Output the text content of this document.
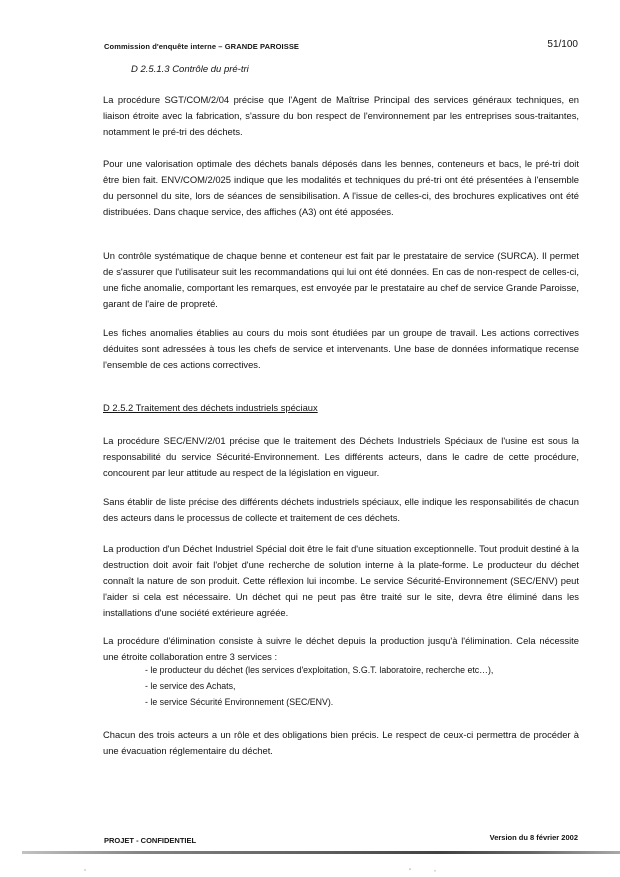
Commission d'enquête interne – GRANDE PAROISSE	51/100
D 2.5.1.3 Contrôle du pré-tri

La procédure SGT/COM/2/04 précise que l'Agent de Maîtrise Principal des services généraux techniques, en liaison étroite avec la fabrication, s'assure du bon respect de l'environnement par les entreprises sous-traitantes, notamment le pré-tri des déchets.

Pour une valorisation optimale des déchets banals déposés dans les bennes, conteneurs et bacs, le pré-tri doit être bien fait. ENV/COM/2/025 indique que les modalités et techniques du pré-tri ont été présentées à l'ensemble du personnel du site, lors de séances de sensibilisation. A l'issue de celles-ci, des brochures explicatives ont été distribuées. Dans chaque service, des affiches (A3) ont été apposées.

Un contrôle systématique de chaque benne et conteneur est fait par le prestataire de service (SURCA). Il permet de s'assurer que l'utilisateur suit les recommandations qui lui ont été données. En cas de non-respect de celles-ci, une fiche anomalie, comportant les remarques, est envoyée par le prestataire au chef de service Grande Paroisse, garant de l'aire de propreté.

Les fiches anomalies établies au cours du mois sont étudiées par un groupe de travail. Les actions correctives déduites sont adressées à tous les chefs de service et intervenants. Une base de données informatique recense l'ensemble de ces actions correctives.

D 2.5.2 Traitement des déchets industriels spéciaux

La procédure SEC/ENV/2/01 précise que le traitement des Déchets Industriels Spéciaux de l'usine est sous la responsabilité du service Sécurité-Environnement. Les différents acteurs, dans le cadre de cette procédure, concourent par leur attitude au respect de la législation en vigueur.

Sans établir de liste précise des différents déchets industriels spéciaux, elle indique les responsabilités de chacun des acteurs dans le processus de collecte et traitement de ces déchets.

La production d'un Déchet Industriel Spécial doit être le fait d'une situation exceptionnelle. Tout produit destiné à la destruction doit avoir fait l'objet d'une recherche de solution interne à la plate-forme. Le producteur du déchet connaît la nature de son produit. Cette réflexion lui incombe. Le service Sécurité-Environnement (SEC/ENV) peut l'aider si cela est nécessaire. Un déchet qui ne peut pas être traité sur le site, devra être éliminé dans les installations d'une société extérieure agréée.

La procédure d'élimination consiste à suivre le déchet depuis la production jusqu'à l'élimination. Cela nécessite une étroite collaboration entre 3 services :

- le producteur du déchet (les services d'exploitation, S.G.T. laboratoire, recherche etc…),
- le service des Achats,
- le service Sécurité Environnement (SEC/ENV).

Chacun des trois acteurs a un rôle et des obligations bien précis. Le respect de ceux-ci permettra de procéder à une évacuation réglementaire du déchet.

PROJET - CONFIDENTIEL	Version du 8 février 2002
